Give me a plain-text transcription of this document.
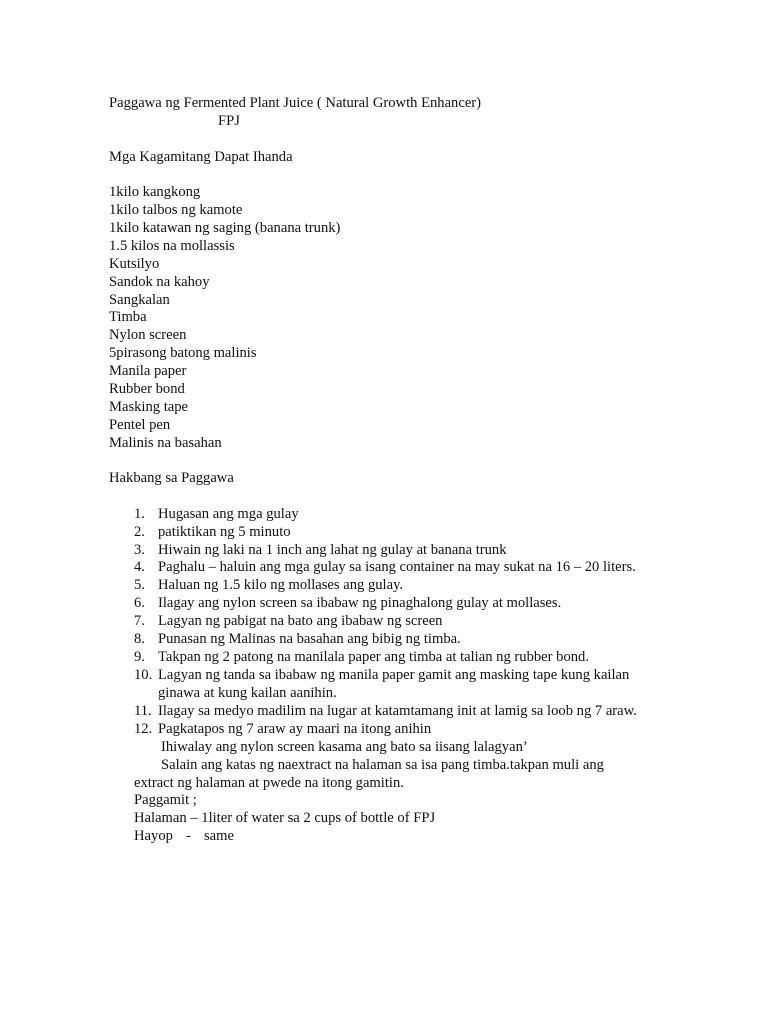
Paggawa ng Fermented Plant Juice ( Natural Growth Enhancer)
FPJ
Mga Kagamitang Dapat Ihanda
1kilo kangkong
1kilo talbos ng kamote
1kilo katawan ng saging (banana trunk)
1.5 kilos na mollassis
Kutsilyo
Sandok na kahoy
Sangkalan
Timba
Nylon screen
5pirasong batong malinis
Manila paper
Rubber bond
Masking tape
Pentel pen
Malinis na basahan
Hakbang sa Paggawa
1. Hugasan ang mga gulay
2. patiktikan ng 5 minuto
3. Hiwain ng laki na 1 inch ang lahat ng gulay at banana trunk
4. Paghalu – haluin ang mga gulay sa isang container na may sukat na 16 – 20 liters.
5. Haluan ng 1.5 kilo ng mollases ang gulay.
6. Ilagay ang nylon screen sa ibabaw ng pinaghalong gulay at mollases.
7. Lagyan ng pabigat na bato ang ibabaw ng screen
8. Punasan ng Malinas na basahan ang bibig ng timba.
9. Takpan ng 2 patong na manilala paper ang timba at talian ng rubber bond.
10. Lagyan ng tanda sa ibabaw ng manila paper gamit ang masking tape kung kailan
ginawa at kung kailan aanihin.
11. Ilagay sa medyo madilim na lugar at katamtamang init at lamig sa loob ng 7 araw.
12. Pagkatapos ng 7 araw ay maari na itong anihin
Ihiwalay ang nylon screen kasama ang bato sa iisang lalagyan’
Salain ang katas ng naextract na halaman sa isa pang timba.takpan muli ang
extract ng halaman at pwede na itong gamitin.
Paggamit ;
Halaman – 1liter of water sa 2 cups of bottle of FPJ
Hayop - same
